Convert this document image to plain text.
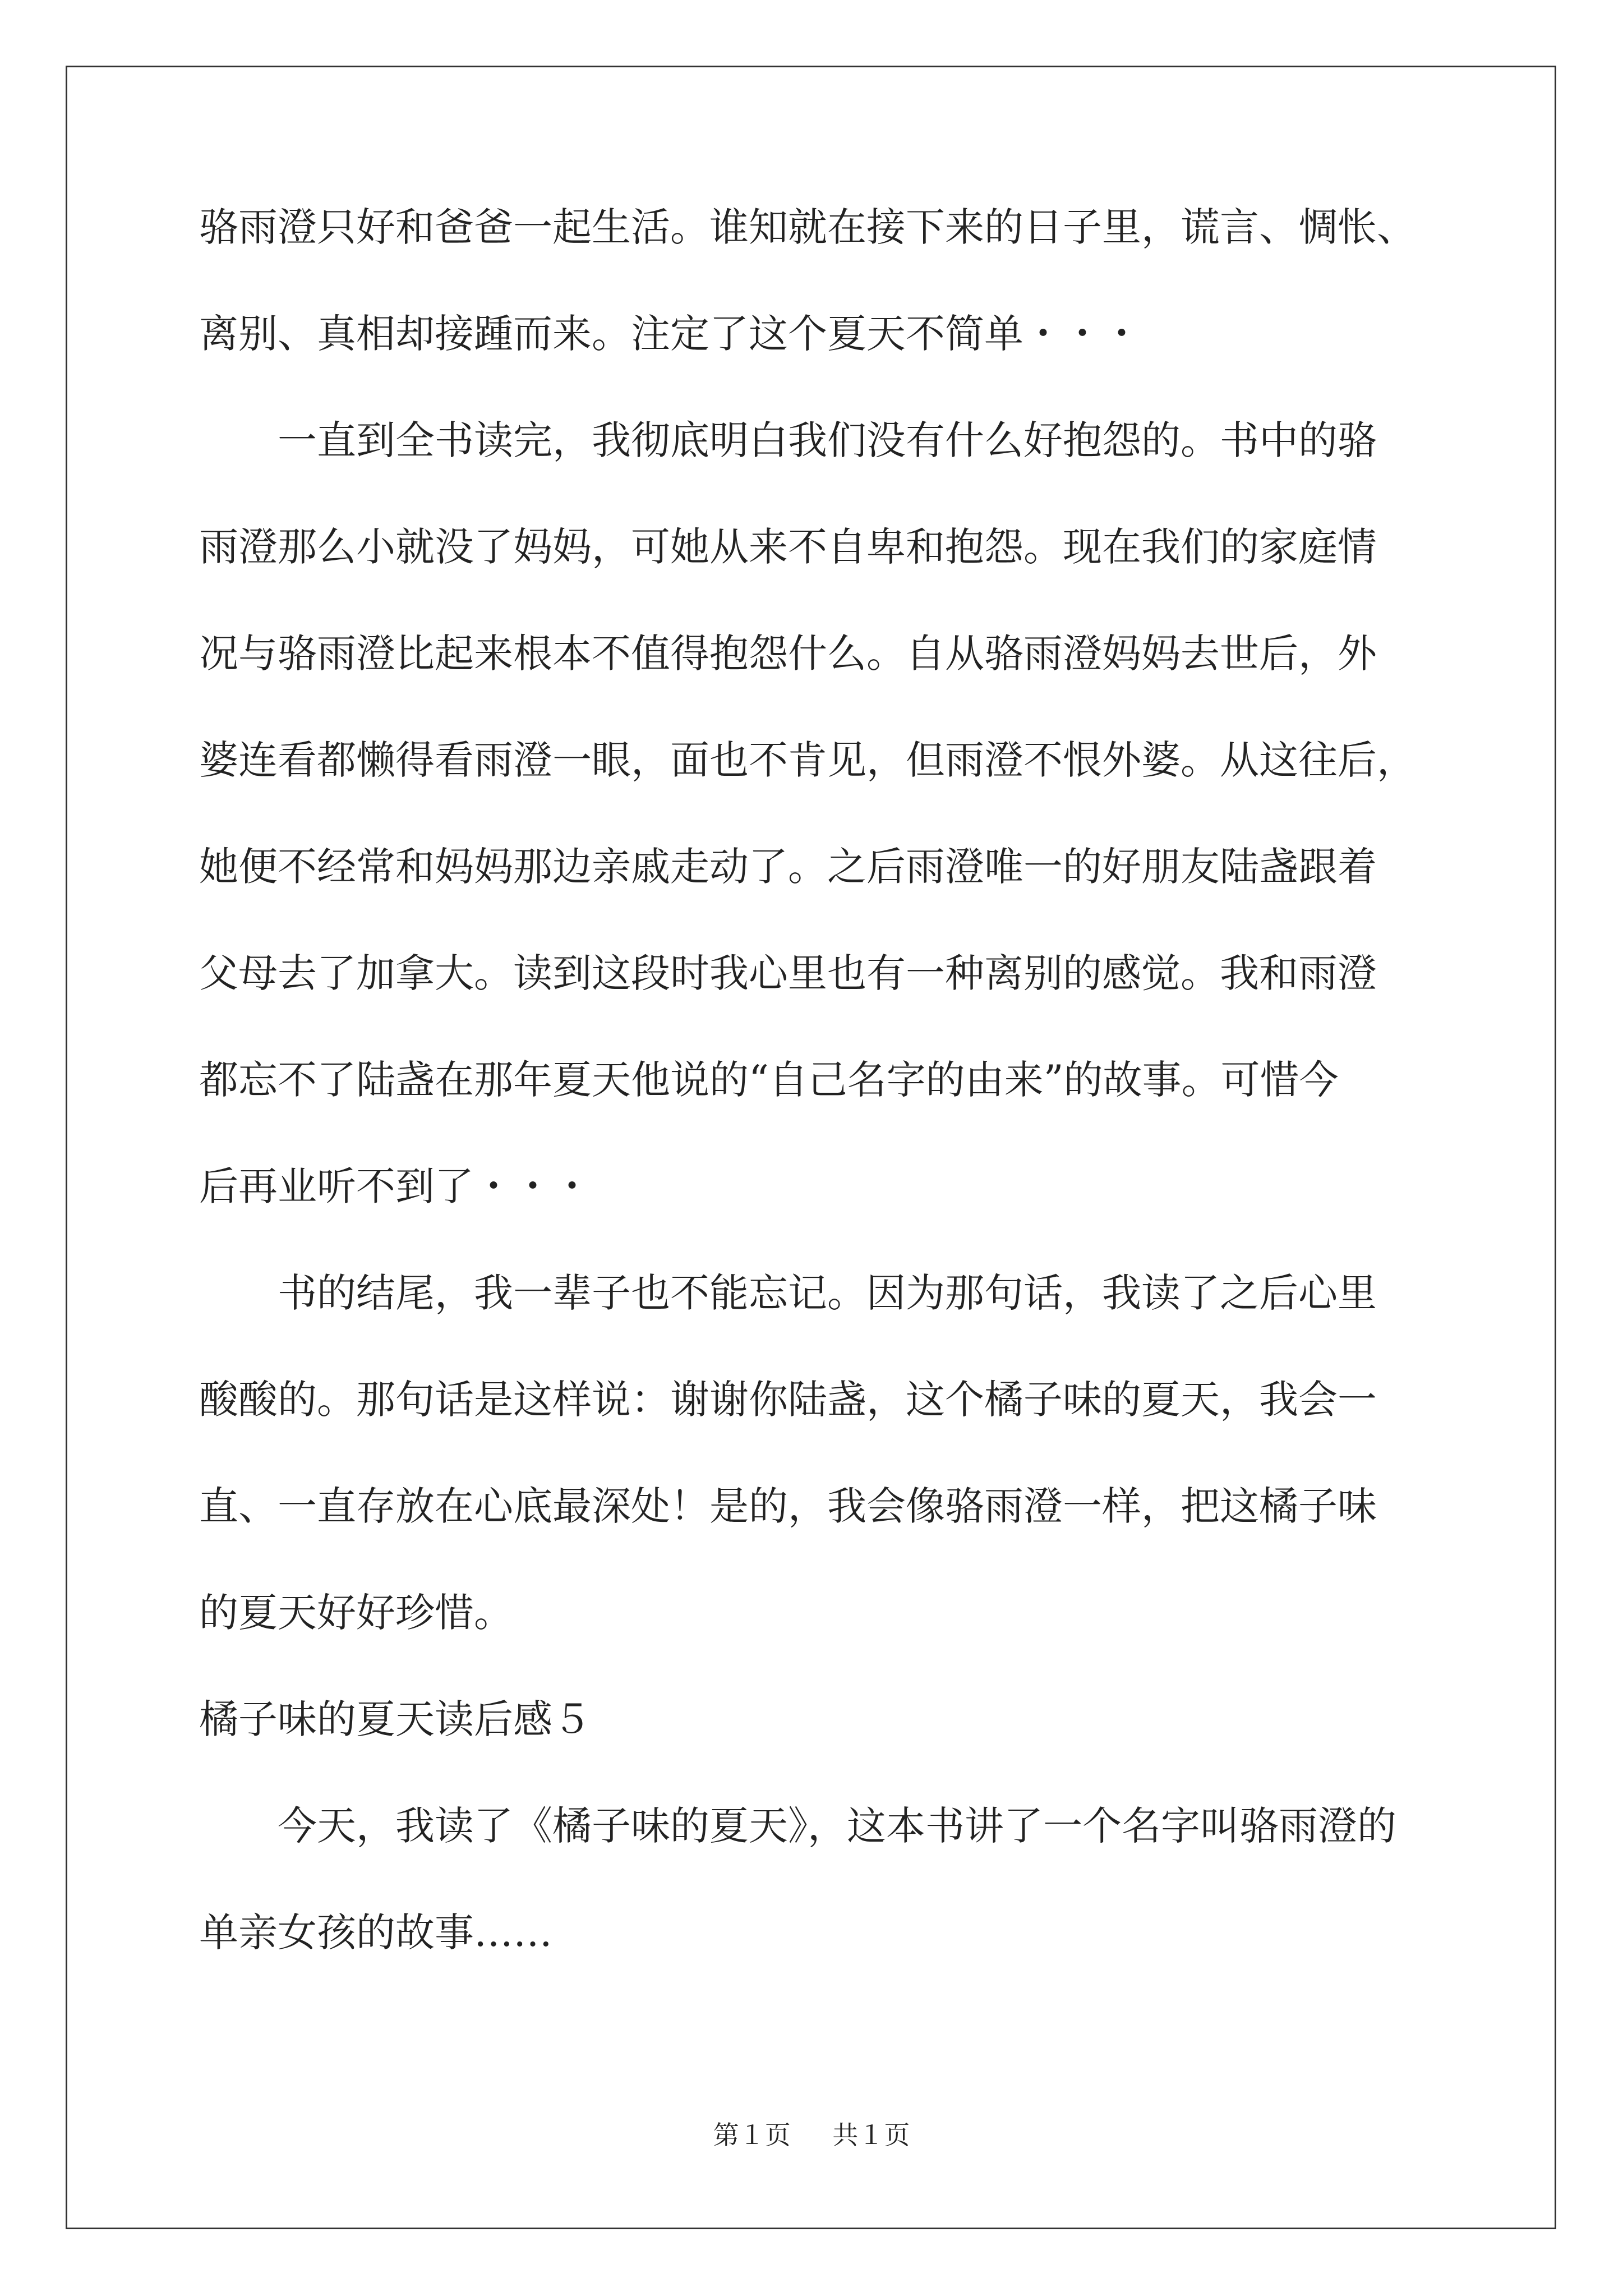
骆雨澄只好和爸爸一起生活。谁知就在接下来的日子里，谎言、惆怅、
离别、真相却接踵而来。注定了这个夏天不简单・・・
一直到全书读完，我彻底明白我们没有什么好抱怨的。书中的骆
雨澄那么小就没了妈妈，可她从来不自卑和抱怨。现在我们的家庭情
况与骆雨澄比起来根本不值得抱怨什么。自从骆雨澄妈妈去世后，外
婆连看都懒得看雨澄一眼，面也不肯见，但雨澄不恨外婆。从这往后，
她便不经常和妈妈那边亲戚走动了。之后雨澄唯一的好朋友陆盏跟着
父母去了加拿大。读到这段时我心里也有一种离别的感觉。我和雨澄
都忘不了陆盏在那年夏天他说的“自己名字的由来”的故事。可惜今
后再业听不到了・・・
书的结尾，我一辈子也不能忘记。因为那句话，我读了之后心里
酸酸的。那句话是这样说：谢谢你陆盏，这个橘子味的夏天，我会一
直、一直存放在心底最深处！是的，我会像骆雨澄一样，把这橘子味
的夏天好好珍惜。
橘子味的夏天读后感５
今天，我读了《橘子味的夏天》，这本书讲了一个名字叫骆雨澄的
单亲女孩的故事……
第１页 共１页
